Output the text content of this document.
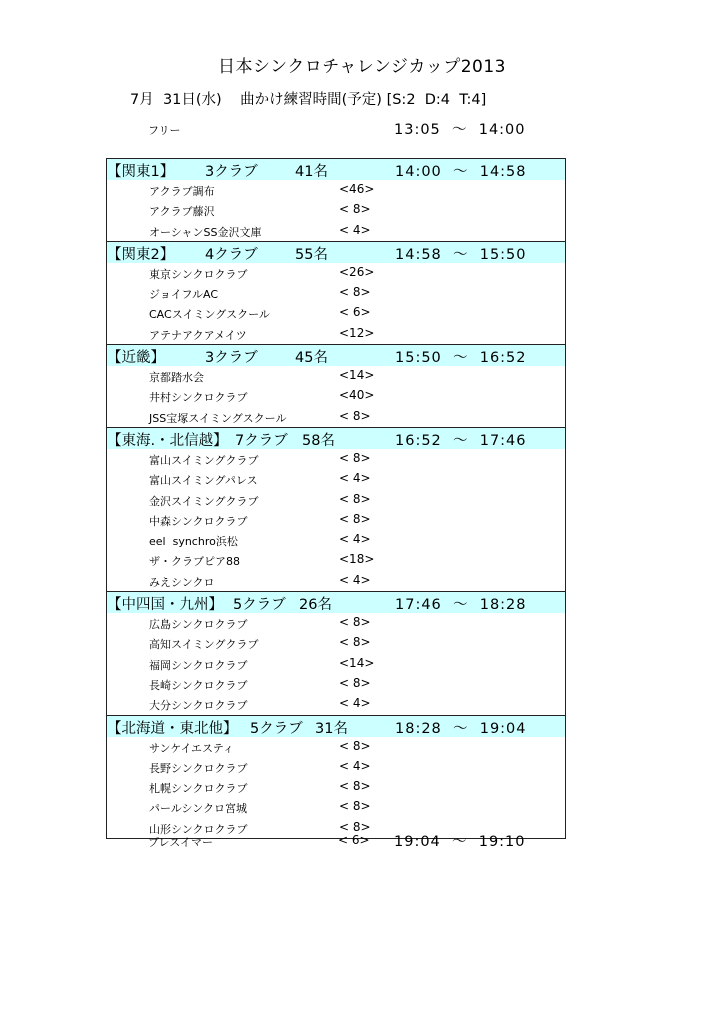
日本シンクロチャレンジカップ2013
7月  31日(水)    曲かけ練習時間(予定) [S:2  D:4  T:4]
フリー	13:05  ～  14:00
【関東1】 3クラブ	41名	14:00  ～  14:58
アクラブ調布	<46>
アクラブ藤沢	< 8>
オーシャンSS金沢文庫	< 4>
【関東2】 4クラブ	55名	14:58  ～  15:50
東京シンクロクラブ	<26>
ジョイフルAC	< 8>
CACスイミングスクール	< 6>
アテナアクアメイツ	<12>
【近畿】	3クラブ	45名	15:50  ～  16:52
京都踏水会	<14>
井村シンクロクラブ	<40>
JSS宝塚スイミングスクール	< 8>
【東海.・北信越】 7クラブ 58名	16:52  ～  17:46
富山スイミングクラブ	< 8>
富山スイミングパレス	< 4>
金沢スイミングクラブ	< 8>
中森シンクロクラブ	< 8>
eel  synchro浜松	< 4>
ザ・クラブピア88	<18>
みえシンクロ	< 4>
【中四国・九州】 5クラブ 26名	17:46  ～  18:28
広島シンクロクラブ	< 8>
高知スイミングクラブ	< 8>
福岡シンクロクラブ	<14>
長崎シンクロクラブ	< 8>
大分シンクロクラブ	< 4>
【北海道・東北他】 5クラブ 31名	18:28  ～  19:04
サンケイエスティ	< 8>
長野シンクロクラブ	< 4>
札幌シンクロクラブ	< 8>
パールシンクロ宮城	< 8>
山形シンクロクラブ	< 8>
プレスイマー	< 6> 19:04  ～  19:10
